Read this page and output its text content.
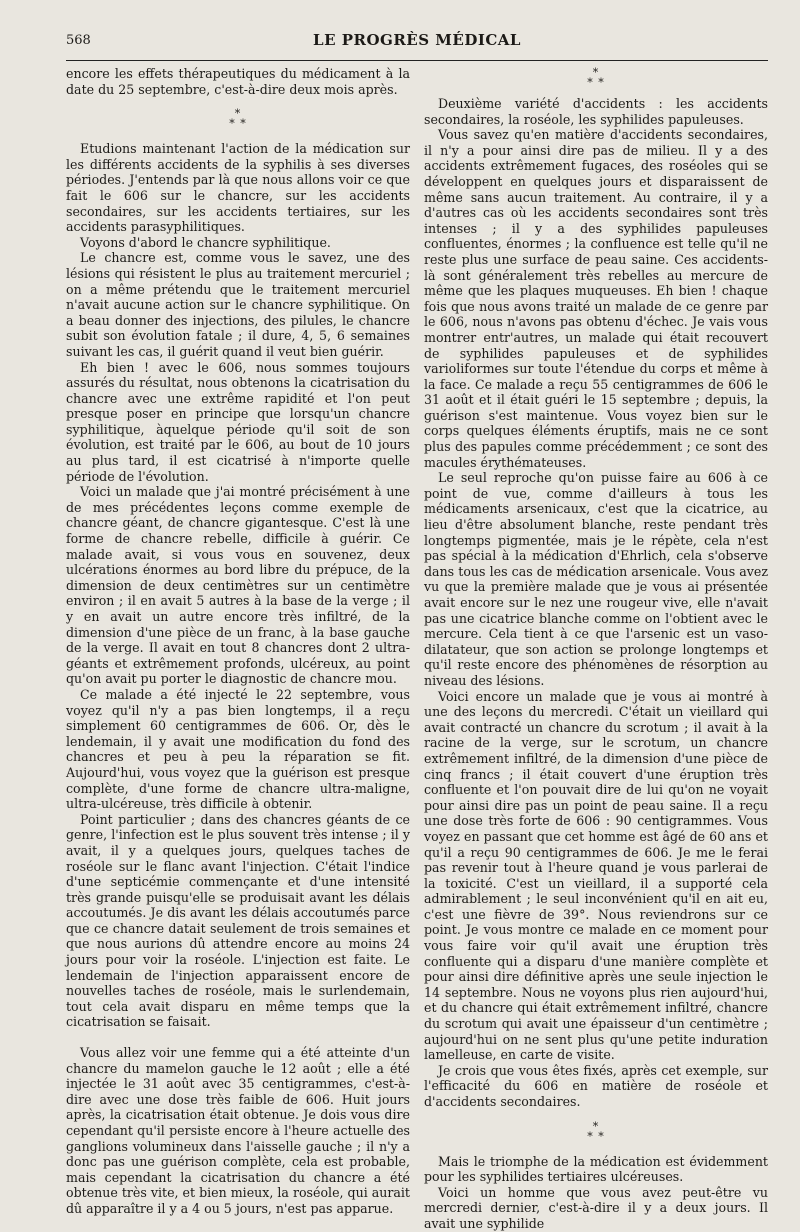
568	LE PROGRÈS MÉDICAL

encore les effets thérapeutiques du médicament à la date du 25 septembre, c'est-à-dire deux mois après.

*
* *

Etudions maintenant l'action de la médication sur les différents accidents de la syphilis à ses diverses périodes. J'entends par là que nous allons voir ce que fait le 606 sur le chancre, sur les accidents secondaires, sur les accidents tertiaires, sur les accidents parasyphilitiques.

Voyons d'abord le chancre syphilitique.

Le chancre est, comme vous le savez, une des lésions qui résistent le plus au traitement mercuriel ; on a même prétendu que le traitement mercuriel n'avait aucune action sur le chancre syphilitique. On a beau donner des injections, des pilules, le chancre subit son évolution fatale ; il dure, 4, 5, 6 semaines suivant les cas, il guérit quand il veut bien guérir.

Eh bien ! avec le 606, nous sommes toujours assurés du résultat, nous obtenons la cicatrisation du chancre avec une extrême rapidité et l'on peut presque poser en principe que lorsqu'un chancre syphilitique, àquelque période qu'il soit de son évolution, est traité par le 606, au bout de 10 jours au plus tard, il est cicatrisé à n'importe quelle période de l'évolution.

Voici un malade que j'ai montré précisément à une de mes précédentes leçons comme exemple de chancre géant, de chancre gigantesque. C'est là une forme de chancre rebelle, difficile à guérir. Ce malade avait, si vous vous en souvenez, deux ulcérations énormes au bord libre du prépuce, de la dimension de deux centimètres sur un centimètre environ ; il en avait 5 autres à la base de la verge ; il y en avait un autre encore très infiltré, de la dimension d'une pièce de un franc, à la base gauche de la verge. Il avait en tout 8 chancres dont 2 ultra-géants et extrêmement profonds, ulcéreux, au point qu'on avait pu porter le diagnostic de chancre mou.

Ce malade a été injecté le 22 septembre, vous voyez qu'il n'y a pas bien longtemps, il a reçu simplement 60 centigrammes de 606. Or, dès le lendemain, il y avait une modification du fond des chancres et peu à peu la réparation se fit. Aujourd'hui, vous voyez que la guérison est presque complète, d'une forme de chancre ultra-maligne, ultra-ulcéreuse, très difficile à obtenir.

Point particulier ; dans des chancres géants de ce genre, l'infection est le plus souvent très intense ; il y avait, il y a quelques jours, quelques taches de roséole sur le flanc avant l'injection. C'était l'indice d'une septicémie commençante et d'une intensité très grande puisqu'elle se produisait avant les délais accoutumés. Je dis avant les délais accoutumés parce que ce chancre datait seulement de trois semaines et que nous aurions dû attendre encore au moins 24 jours pour voir la roséole. L'injection est faite. Le lendemain de l'injection apparaissent encore de nouvelles taches de roséole, mais le surlendemain, tout cela avait disparu en même temps que la cicatrisation se faisait.

Vous allez voir une femme qui a été atteinte d'un chancre du mamelon gauche le 12 août ; elle a été injectée le 31 août avec 35 centigrammes, c'est-à-dire avec une dose très faible de 606. Huit jours après, la cicatrisation était obtenue. Je dois vous dire cependant qu'il persiste encore à l'heure actuelle des ganglions volumineux dans l'aisselle gauche ; il n'y a donc pas une guérison complète, cela est probable, mais cependant la cicatrisation du chancre a été obtenue très vite, et bien mieux, la roséole, qui aurait dû apparaître il y a 4 ou 5 jours, n'est pas apparue.

*
* *

Deuxième variété d'accidents : les accidents secondaires, la roséole, les syphilides papuleuses.

Vous savez qu'en matière d'accidents secondaires, il n'y a pour ainsi dire pas de milieu. Il y a des accidents extrêmement fugaces, des roséoles qui se développent en quelques jours et disparaissent de même sans aucun traitement. Au contraire, il y a d'autres cas où les accidents secondaires sont très intenses ; il y a des syphilides papuleuses confluentes, énormes ; la confluence est telle qu'il ne reste plus une surface de peau saine. Ces accidents-là sont généralement très rebelles au mercure de même que les plaques muqueuses. Eh bien ! chaque fois que nous avons traité un malade de ce genre par le 606, nous n'avons pas obtenu d'échec. Je vais vous montrer entr'autres, un malade qui était recouvert de syphilides papuleuses et de syphilides varioliformes sur toute l'étendue du corps et même à la face. Ce malade a reçu 55 centigrammes de 606 le 31 août et il était guéri le 15 septembre ; depuis, la guérison s'est maintenue. Vous voyez bien sur le corps quelques éléments éruptifs, mais ne ce sont plus des papules comme précédemment ; ce sont des macules érythémateuses.

Le seul reproche qu'on puisse faire au 606 à ce point de vue, comme d'ailleurs à tous les médicaments arsenicaux, c'est que la cicatrice, au lieu d'être absolument blanche, reste pendant très longtemps pigmentée, mais je le répète, cela n'est pas spécial à la médication d'Ehrlich, cela s'observe dans tous les cas de médication arsenicale. Vous avez vu que la première malade que je vous ai présentée avait encore sur le nez une rougeur vive, elle n'avait pas une cicatrice blanche comme on l'obtient avec le mercure. Cela tient à ce que l'arsenic est un vaso-dilatateur, que son action se prolonge longtemps et qu'il reste encore des phénomènes de résorption au niveau des lésions.

Voici encore un malade que je vous ai montré à une des leçons du mercredi. C'était un vieillard qui avait contracté un chancre du scrotum ; il avait à la racine de la verge, sur le scrotum, un chancre extrêmement infiltré, de la dimension d'une pièce de cinq francs ; il était couvert d'une éruption très confluente et l'on pouvait dire de lui qu'on ne voyait pour ainsi dire pas un point de peau saine. Il a reçu une dose très forte de 606 : 90 centigrammes. Vous voyez en passant que cet homme est âgé de 60 ans et qu'il a reçu 90 centigrammes de 606. Je me le ferai pas revenir tout à l'heure quand je vous parlerai de la toxicité. C'est un vieillard, il a supporté cela admirablement ; le seul inconvénient qu'il en ait eu, c'est une fièvre de 39°. Nous reviendrons sur ce point. Je vous montre ce malade en ce moment pour vous faire voir qu'il avait une éruption très confluente qui a disparu d'une manière complète et pour ainsi dire définitive après une seule injection le 14 septembre. Nous ne voyons plus rien aujourd'hui, et du chancre qui était extrêmement infiltré, chancre du scrotum qui avait une épaisseur d'un centimètre ; aujourd'hui on ne sent plus qu'une petite induration lamelleuse, en carte de visite.

Je crois que vous êtes fixés, après cet exemple, sur l'efficacité du 606 en matière de roséole et d'accidents secondaires.

*
* *

Mais le triomphe de la médication est évidemment pour les syphilides tertiaires ulcéreuses.

Voici un homme que vous avez peut-être vu mercredi dernier, c'est-à-dire il y a deux jours. Il avait une syphilide
